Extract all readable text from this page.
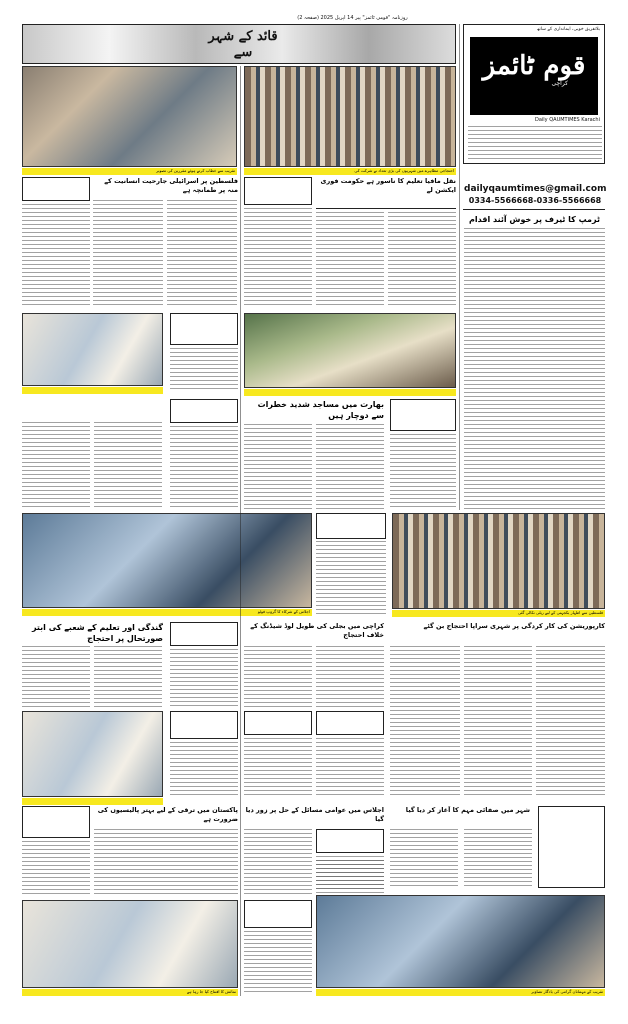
روزنامہ "قومی ٹائمز" پیر 14 اپریل 2025 (صفحہ 2)
قائد کے شہر سے
بلاتفریق خوبی، ایمانداری کے ساتھ
قوم ٹائمز
کراچی
Daily QAUMTIMES Karachi
dailyqaumtimes@gmail.com
0334-5566668-0336-5566668
ٹرمپ کا ٹیرف پر خوش آئند اقدام
تقریب سے خطاب کرتے ہوئے مقررین کی تصویر	احتجاجی مظاہرے میں شہریوں کی بڑی تعداد نے شرکت کی
فلسطین پر اسرائیلی جارحیت انسانیت کے منہ پر طمانچہ ہے
نقل مافیا تعلیم کا ناسور ہے حکومت فوری ایکشن لے
بھارت میں مساجد شدید خطرات سے دوچار ہیں
اجلاس کے شرکاء کا گروپ فوٹو	فلسطین سے اظہار یکجہتی کے لیے ریلی نکالی گئی
گندگی اور تعلیم کے شعبے کی ابتر صورتحال پر احتجاج
کراچی میں بجلی کی طویل لوڈ شیڈنگ کے خلاف احتجاج
کارپوریشن کی کار کردگی پر شہری سراپا احتجاج بن گئے
پاکستان میں ترقی کے لیے بہتر پالیسیوں کی ضرورت ہے
اجلاس میں عوامی مسائل کے حل پر زور دیا گیا
شہر میں صفائی مہم کا آغاز کر دیا گیا
نمائش کا افتتاح کیا جا رہا ہے	تقریب کے مہمانان گرامی کی یادگار تصاویر
